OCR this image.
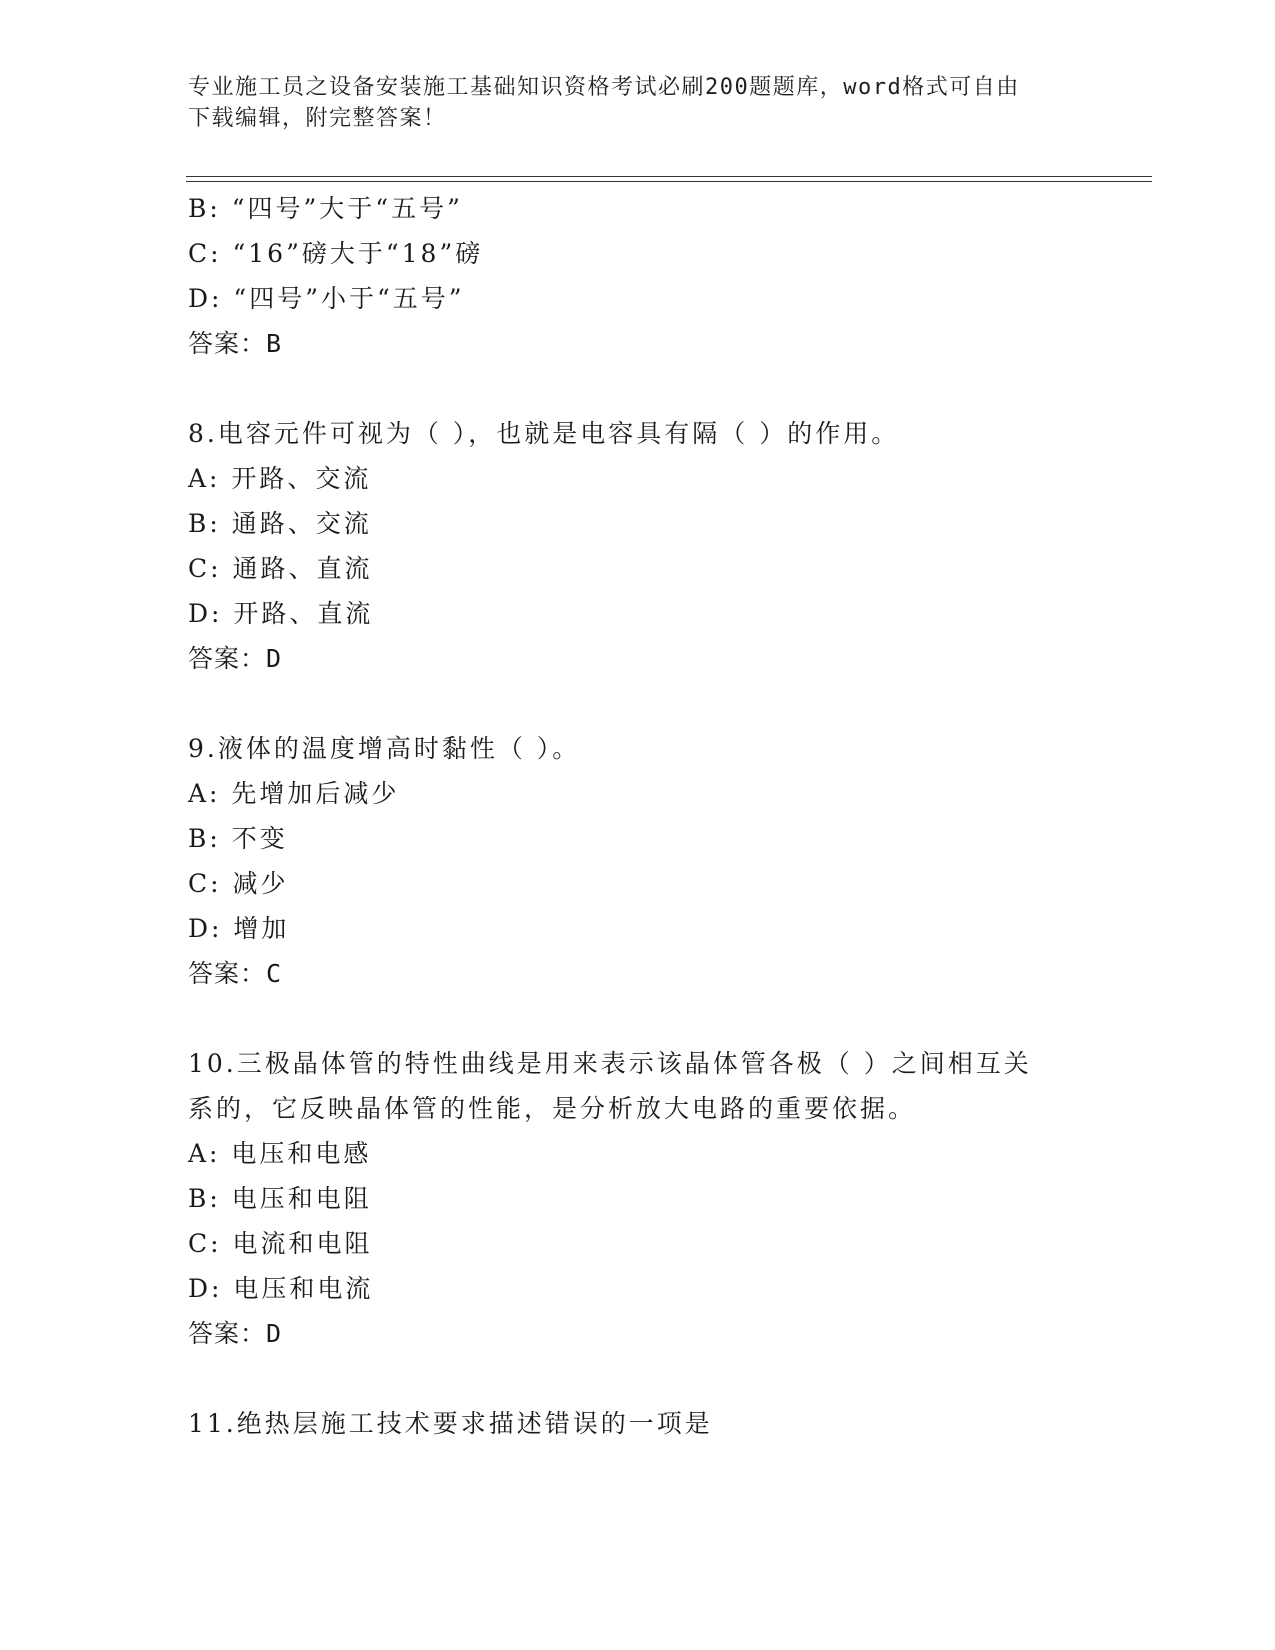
专业施工员之设备安装施工基础知识资格考试必刷200题题库，word格式可自由
下载编辑，附完整答案！
B: “四号”大于“五号”
C: “16”磅大于“18”磅
D: “四号”小于“五号”
答案：B
8.电容元件可视为（ ），也就是电容具有隔（ ）的作用。
A: 开路、交流
B: 通路、交流
C: 通路、直流
D: 开路、直流
答案：D
9.液体的温度增高时黏性（ ）。
A: 先增加后减少
B: 不变
C: 减少
D: 增加
答案：C
10.三极晶体管的特性曲线是用来表示该晶体管各极（ ）之间相互关
系的，它反映晶体管的性能，是分析放大电路的重要依据。
A: 电压和电感
B: 电压和电阻
C: 电流和电阻
D: 电压和电流
答案：D
11.绝热层施工技术要求描述错误的一项是
